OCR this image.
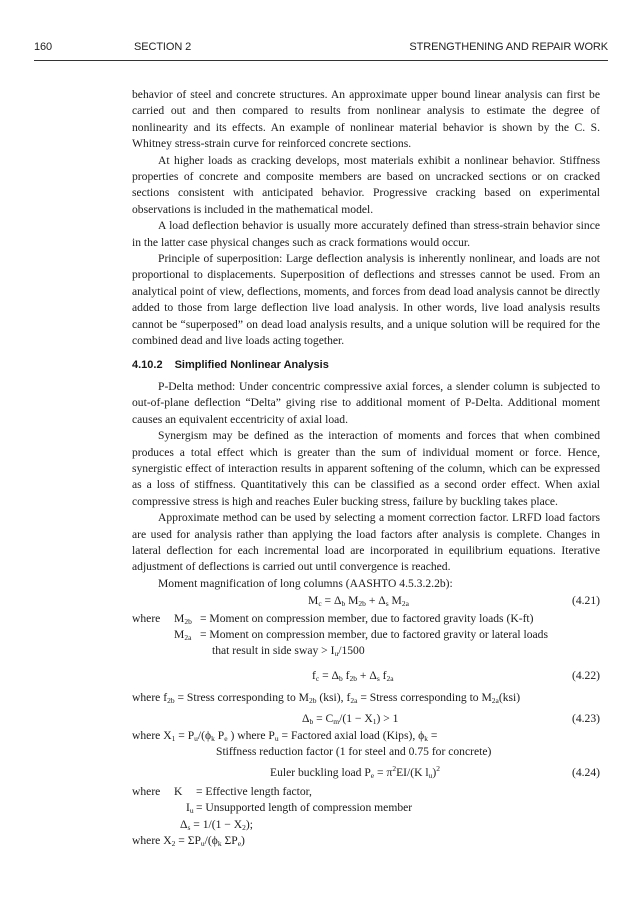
160	SECTION 2	STRENGTHENING AND REPAIR WORK

behavior of steel and concrete structures. An approximate upper bound linear analysis can first be carried out and then compared to results from nonlinear analysis to estimate the degree of nonlinearity and its effects. An example of nonlinear material behavior is shown by the C. S. Whitney stress-strain curve for reinforced concrete sections.

At higher loads as cracking develops, most materials exhibit a nonlinear behavior. Stiffness properties of concrete and composite members are based on uncracked sections or on cracked sections consistent with anticipated behavior. Progressive cracking based on experimental observations is included in the mathematical model.

A load deflection behavior is usually more accurately defined than stress-strain behavior since in the latter case physical changes such as crack formations would occur.

Principle of superposition: Large deflection analysis is inherently nonlinear, and loads are not proportional to displacements. Superposition of deflections and stresses cannot be used. From an analytical point of view, deflections, moments, and forces from dead load analysis cannot be directly added to those from large deflection live load analysis. In other words, live load analysis results cannot be “superposed” on dead load analysis results, and a unique solution will be required for the combined dead and live loads acting together.

4.10.2 Simplified Nonlinear Analysis

P-Delta method: Under concentric compressive axial forces, a slender column is subjected to out-of-plane deflection “Delta” giving rise to additional moment of P-Delta. Additional moment causes an equivalent eccentricity of axial load.

Synergism may be defined as the interaction of moments and forces that when combined produces a total effect which is greater than the sum of individual moment or force. Hence, synergistic effect of interaction results in apparent softening of the column, which can be expressed as a loss of stiffness. Quantitatively this can be classified as a second order effect. When axial compressive stress is high and reaches Euler bucking stress, failure by buckling takes place.

Approximate method can be used by selecting a moment correction factor. LRFD load factors are used for analysis rather than applying the load factors after analysis is complete. Changes in lateral deflection for each incremental load are incorporated in equilibrium equations. Iterative adjustment of deflections is carried out until convergence is reached.

Moment magnification of long columns (AASHTO 4.5.3.2.2b):

$M_c = \Delta_b$ $M_{2b} + \Delta_s$ $M_{2a}$	(4.21)
where $M_{2b}$ = Moment on compression member, due to factored gravity loads (K-ft)
$M_{2a}$ = Moment on compression member, due to factored gravity or lateral loads
that result in side sway > $I_u/1500$
$f_c = \Delta_b$ $f_{2b} + \Delta_s$ $f_{2a}$	(4.22)
where $f_{2b}$ = Stress corresponding to $M_{2b}$ (ksi), $f_{2a}$ = Stress corresponding to $M_{2a}(ksi)$
$\Delta_b = C_m/(1 - X_1) > 1$	(4.23)
where $X_1 = P_u/(\phi_k$ $P_e$ ) where $P_u$ = Factored axial load (Kips), $\phi_k$ =
Stiffness reduction factor (1 for steel and 0.75 for concrete)
Euler buckling load $P_e = \pi^2EI/(K$ $l_u)^2$	(4.24)
where K = Effective length factor,
$I_u$ = Unsupported length of compression member
$\Delta_s = 1/(1 - X_2)$;
where $X_2 = \Sigma P_u/(\phi_k$ $\Sigma P_e$)
